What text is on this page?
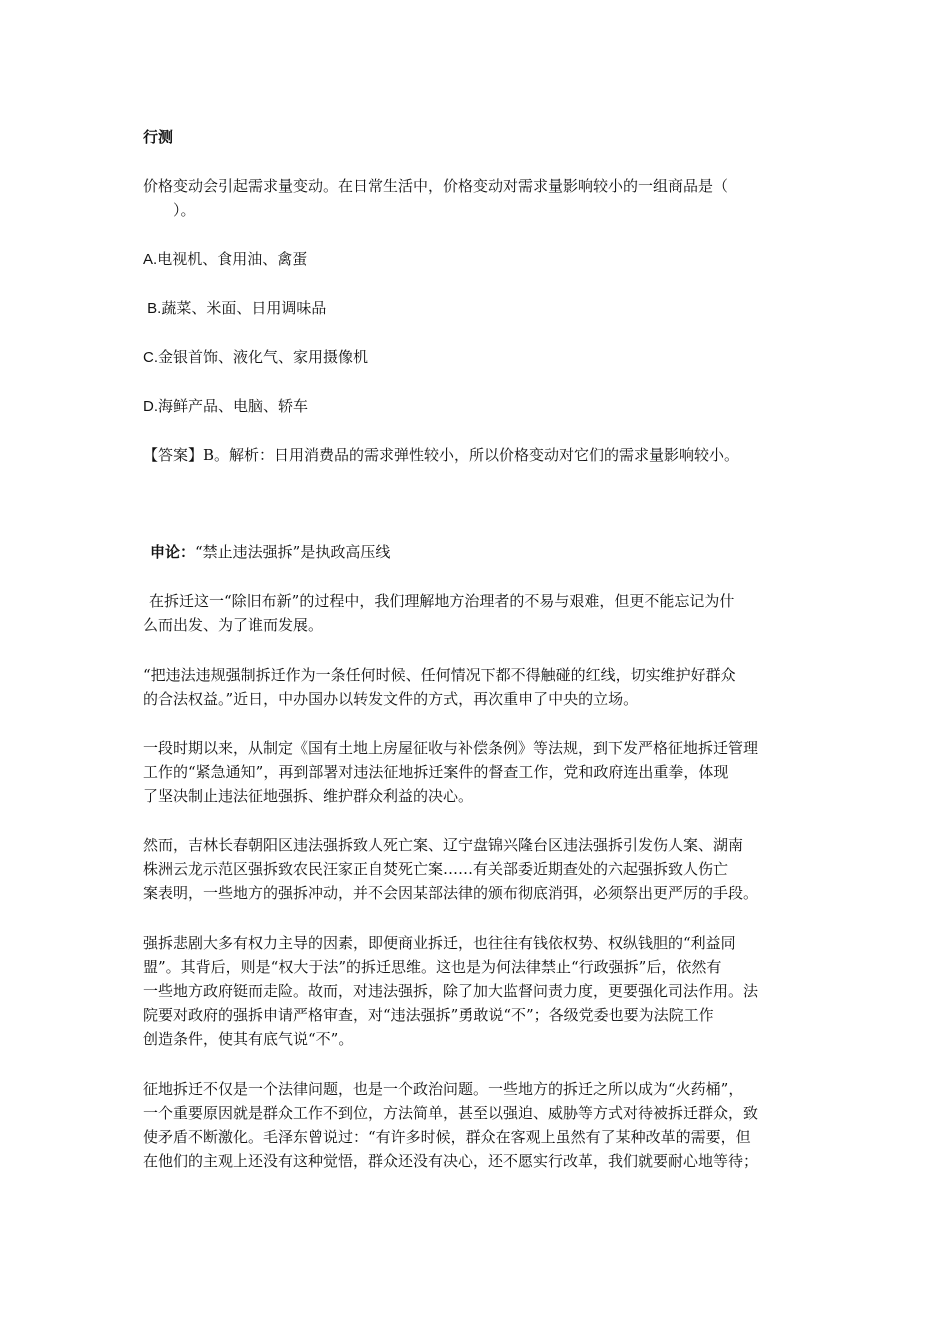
行测
价格变动会引起需求量变动。在日常生活中，价格变动对需求量影响较小的一组商品是（
　　）。
A.电视机、食用油、禽蛋
B.蔬菜、米面、日用调味品
C.金银首饰、液化气、家用摄像机
D.海鲜产品、电脑、轿车
【答案】B。解析：日用消费品的需求弹性较小，所以价格变动对它们的需求量影响较小。
申论：“禁止违法强拆”是执政高压线
在拆迁这一“除旧布新”的过程中，我们理解地方治理者的不易与艰难，但更不能忘记为什
么而出发、为了谁而发展。
“把违法违规强制拆迁作为一条任何时候、任何情况下都不得触碰的红线，切实维护好群众
的合法权益。”近日，中办国办以转发文件的方式，再次重申了中央的立场。
一段时期以来，从制定《国有土地上房屋征收与补偿条例》等法规，到下发严格征地拆迁管理
工作的“紧急通知”，再到部署对违法征地拆迁案件的督查工作，党和政府连出重拳，体现
了坚决制止违法征地强拆、维护群众利益的决心。
然而，吉林长春朝阳区违法强拆致人死亡案、辽宁盘锦兴隆台区违法强拆引发伤人案、湖南
株洲云龙示范区强拆致农民汪家正自焚死亡案……有关部委近期查处的六起强拆致人伤亡
案表明，一些地方的强拆冲动，并不会因某部法律的颁布彻底消弭，必须祭出更严厉的手段。
强拆悲剧大多有权力主导的因素，即便商业拆迁，也往往有钱依权势、权纵钱胆的“利益同
盟”。其背后，则是“权大于法”的拆迁思维。这也是为何法律禁止“行政强拆”后，依然有
一些地方政府铤而走险。故而，对违法强拆，除了加大监督问责力度，更要强化司法作用。法
院要对政府的强拆申请严格审查，对“违法强拆”勇敢说“不”；各级党委也要为法院工作
创造条件，使其有底气说“不”。
征地拆迁不仅是一个法律问题，也是一个政治问题。一些地方的拆迁之所以成为“火药桶”，
一个重要原因就是群众工作不到位，方法简单，甚至以强迫、威胁等方式对待被拆迁群众，致
使矛盾不断激化。毛泽东曾说过：“有许多时候，群众在客观上虽然有了某种改革的需要，但
在他们的主观上还没有这种觉悟，群众还没有决心，还不愿实行改革，我们就要耐心地等待；
